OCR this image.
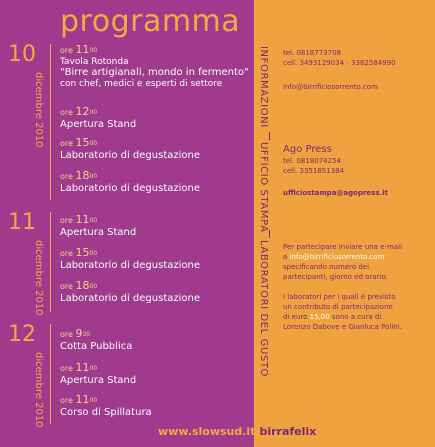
programma
10
dicembre 2010
11
dicembre 2010
12
dicembre 2010
ore 1100
Tavola Rotonda
"Birre artigianali, mondo in fermento"
con chef, medici e esperti di settore
ore 1200
Apertura Stand
ore 1500
Laboratorio di degustazione
ore 1800
Laboratorio di degustazione
ore 1100
Apertura Stand
ore 1500
Laboratorio di degustazione
ore 1800
Laboratorio di degustazione
ore 930
Cotta Pubblica
ore 1100
Apertura Stand
ore 1100
Corso di Spillatura
INFORMAZIONI
UFFICIO STAMPA
LABORATORI DEL GUSTO
tel. 0818773708
cell. 3493129034 - 3382584990
info@birrificiosorrento.com
Ago Press
tel. 0818074254
cell. 3351851384
ufficiostampa@agopress.it
Per partecipare inviare una e-mail
a info@birrificiosorrento.com
specificando numero dei
partecipanti, giorno ed orario.
I laboratori per i quali è previsto
un contributo di partecipazione
di euro 15,00 sono a cura di
Lorenzo Dabove e Gianluca Polini.
www.slowsud.it/birrafelix
